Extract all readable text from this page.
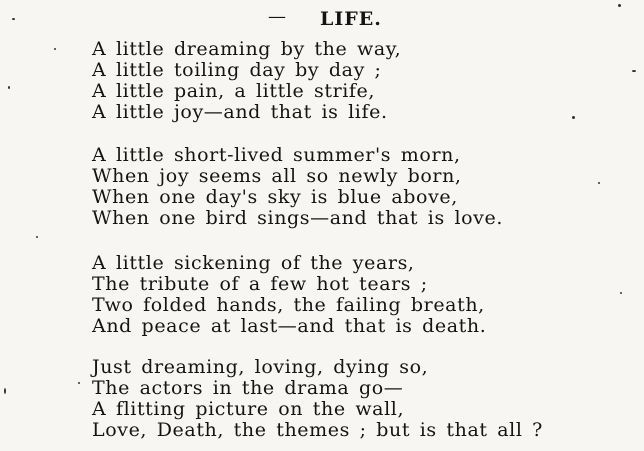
— LIFE.
A little dreaming by the way,
A little toiling day by day ;
A little pain, a little strife,
A little joy—and that is life.
A little short-lived summer's morn,
When joy seems all so newly born,
When one day's sky is blue above,
When one bird sings—and that is love.
A little sickening of the years,
The tribute of a few hot tears ;
Two folded hands, the failing breath,
And peace at last—and that is death.
Just dreaming, loving, dying so,
The actors in the drama go—
A flitting picture on the wall,
Love, Death, the themes ; but is that all ?
